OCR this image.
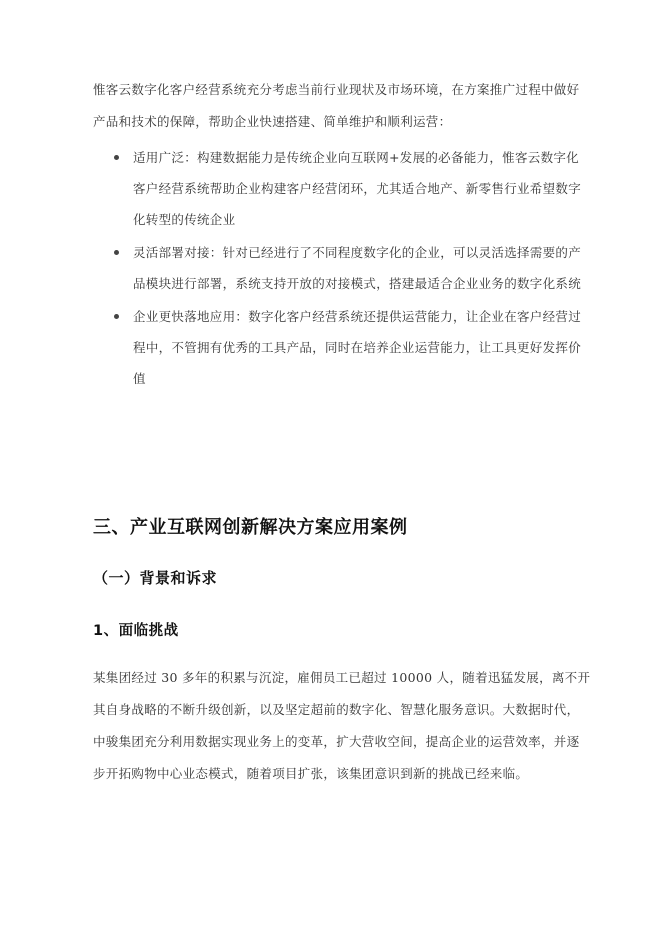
惟客云数字化客户经营系统充分考虑当前行业现状及市场环境，在方案推广过程中做好
产品和技术的保障，帮助企业快速搭建、简单维护和顺利运营：

适用广泛：构建数据能力是传统企业向互联网+发展的必备能力，惟客云数字化
客户经营系统帮助企业构建客户经营闭环，尤其适合地产、新零售行业希望数字
化转型的传统企业
灵活部署对接：针对已经进行了不同程度数字化的企业，可以灵活选择需要的产
品模块进行部署，系统支持开放的对接模式，搭建最适合企业业务的数字化系统
企业更快落地应用：数字化客户经营系统还提供运营能力，让企业在客户经营过
程中，不管拥有优秀的工具产品，同时在培养企业运营能力，让工具更好发挥价
值
三、产业互联网创新解决方案应用案例
（一）背景和诉求
1、面临挑战

某集团经过 30 多年的积累与沉淀，雇佣员工已超过 10000 人，随着迅猛发展，离不开
其自身战略的不断升级创新，以及坚定超前的数字化、智慧化服务意识。大数据时代，
中骏集团充分利用数据实现业务上的变革，扩大营收空间，提高企业的运营效率，并逐
步开拓购物中心业态模式，随着项目扩张，该集团意识到新的挑战已经来临。
